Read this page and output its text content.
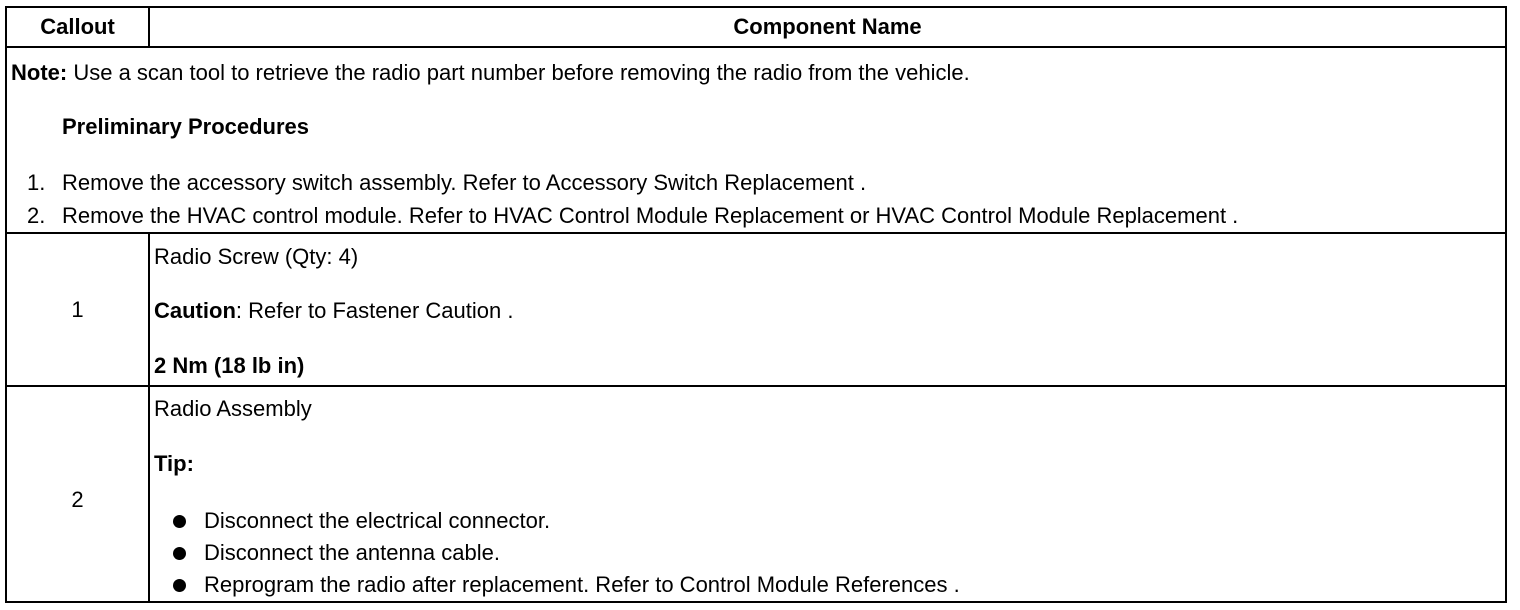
Callout	Component Name
Note: Use a scan tool to retrieve the radio part number before removing the radio from the vehicle.
Preliminary Procedures
1. Remove the accessory switch assembly. Refer to Accessory Switch Replacement .
2. Remove the HVAC control module. Refer to HVAC Control Module Replacement or HVAC Control Module Replacement .
1
Radio Screw (Qty: 4)
Caution: Refer to Fastener Caution .
2 Nm (18 lb in)
2
Radio Assembly
Tip:
Disconnect the electrical connector.
Disconnect the antenna cable.
Reprogram the radio after replacement. Refer to Control Module References .
